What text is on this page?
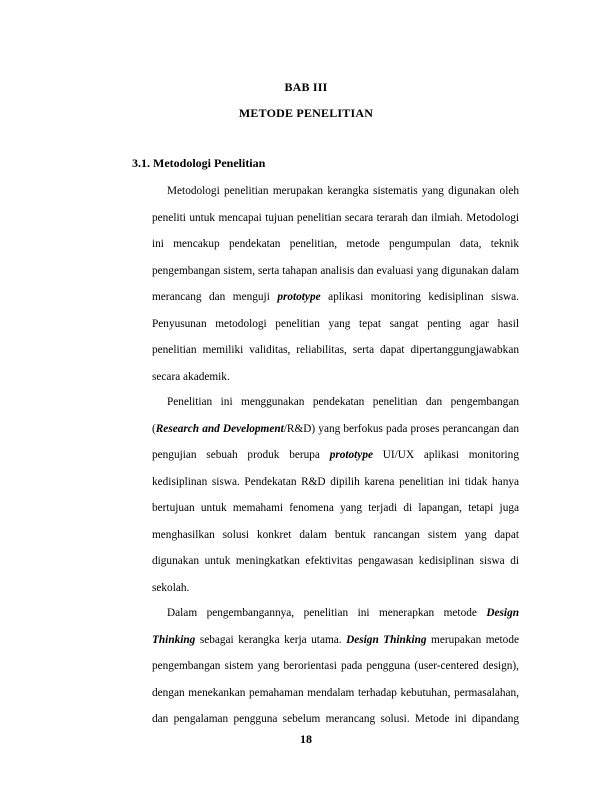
BAB III
METODE PENELITIAN
3.1. Metodologi Penelitian
Metodologi penelitian merupakan kerangka sistematis yang digunakan oleh
peneliti untuk mencapai tujuan penelitian secara terarah dan ilmiah. Metodologi
ini mencakup pendekatan penelitian, metode pengumpulan data, teknik
pengembangan sistem, serta tahapan analisis dan evaluasi yang digunakan dalam
merancang dan menguji prototype aplikasi monitoring kedisiplinan siswa.
Penyusunan metodologi penelitian yang tepat sangat penting agar hasil
penelitian memiliki validitas, reliabilitas, serta dapat dipertanggungjawabkan
secara akademik.
Penelitian ini menggunakan pendekatan penelitian dan pengembangan
(Research and Development/R&D) yang berfokus pada proses perancangan dan
pengujian sebuah produk berupa prototype UI/UX aplikasi monitoring
kedisiplinan siswa. Pendekatan R&D dipilih karena penelitian ini tidak hanya
bertujuan untuk memahami fenomena yang terjadi di lapangan, tetapi juga
menghasilkan solusi konkret dalam bentuk rancangan sistem yang dapat
digunakan untuk meningkatkan efektivitas pengawasan kedisiplinan siswa di
sekolah.
Dalam pengembangannya, penelitian ini menerapkan metode Design
Thinking sebagai kerangka kerja utama. Design Thinking merupakan metode
pengembangan sistem yang berorientasi pada pengguna (user-centered design),
dengan menekankan pemahaman mendalam terhadap kebutuhan, permasalahan,
dan pengalaman pengguna sebelum merancang solusi. Metode ini dipandang
18
